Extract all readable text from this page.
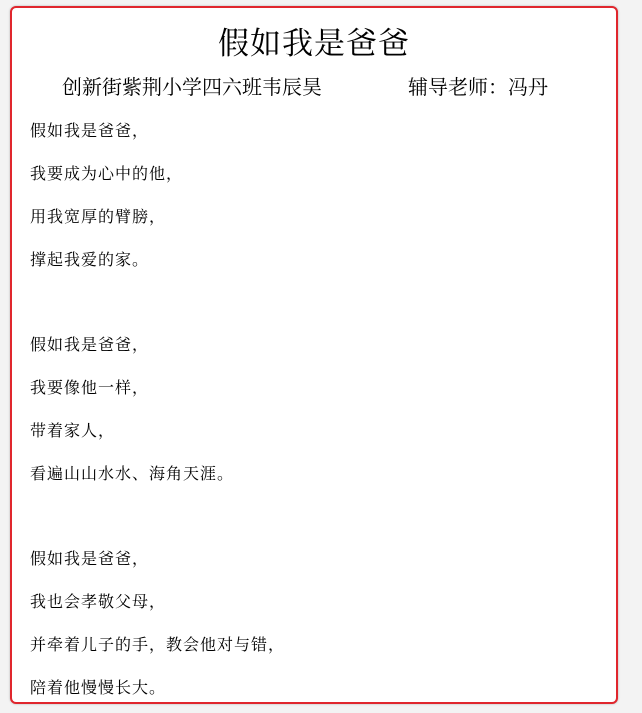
假如我是爸爸
创新街紫荆小学四六班韦辰昊	辅导老师：冯丹
假如我是爸爸，
我要成为心中的他，
用我宽厚的臂膀，
撑起我爱的家。
假如我是爸爸，
我要像他一样，
带着家人，
看遍山山水水、海角天涯。
假如我是爸爸，
我也会孝敬父母，
并牵着儿子的手，教会他对与错，
陪着他慢慢长大。
